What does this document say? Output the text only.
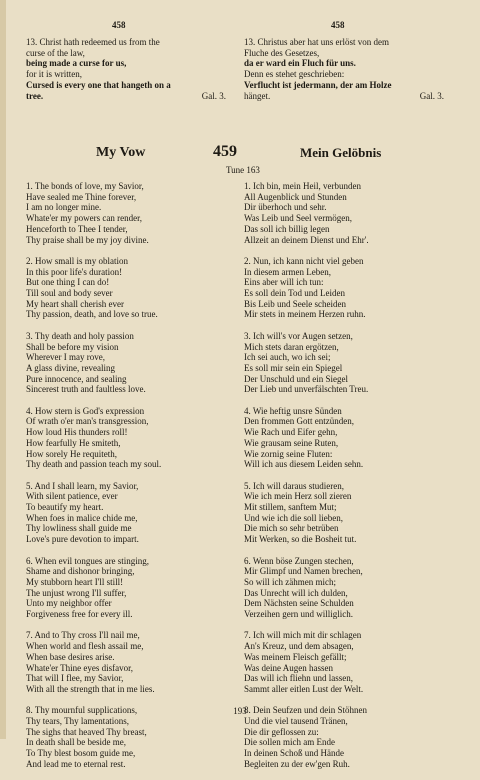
458	458
13. Christ hath redeemed us from the
curse of the law,
being made a curse for us,
for it is written,
Cursed is every one that hangeth on a
tree.	Gal. 3.
13. Christus aber hat uns erlöst von dem
Fluche des Gesetzes,
da er ward ein Fluch für uns.
Denn es stehet geschrieben:
Verflucht ist jedermann, der am Holze
hänget.	Gal. 3.
My Vow	459	Mein Gelöbnis
Tune 163
1. The bonds of love, my Savior,
Have sealed me Thine forever,
I am no longer mine.
Whate'er my powers can render,
Henceforth to Thee I tender,
Thy praise shall be my joy divine.
2. How small is my oblation
In this poor life's duration!
But one thing I can do!
Till soul and body sever
My heart shall cherish ever
Thy passion, death, and love so true.
3. Thy death and holy passion
Shall be before my vision
Wherever I may rove,
A glass divine, revealing
Pure innocence, and sealing
Sincerest truth and faultless love.
4. How stern is God's expression
Of wrath o'er man's transgression,
How loud His thunders roll!
How fearfully He smiteth,
How sorely He requiteth,
Thy death and passion teach my soul.
5. And I shall learn, my Savior,
With silent patience, ever
To beautify my heart.
When foes in malice chide me,
Thy lowliness shall guide me
Love's pure devotion to impart.
6. When evil tongues are stinging,
Shame and dishonor bringing,
My stubborn heart I'll still!
The unjust wrong I'll suffer,
Unto my neighbor offer
Forgiveness free for every ill.
7. And to Thy cross I'll nail me,
When world and flesh assail me,
When base desires arise.
Whate'er Thine eyes disfavor,
That will I flee, my Savior,
With all the strength that in me lies.
8. Thy mournful supplications,
Thy tears, Thy lamentations,
The sighs that heaved Thy breast,
In death shall be beside me,
To Thy blest bosom guide me,
And lead me to eternal rest.
1. Ich bin, mein Heil, verbunden
All Augenblick und Stunden
Dir überhoch und sehr.
Was Leib und Seel vermögen,
Das soll ich billig legen
Allzeit an deinem Dienst und Ehr'.
2. Nun, ich kann nicht viel geben
In diesem armen Leben,
Eins aber will ich tun:
Es soll dein Tod und Leiden
Bis Leib und Seele scheiden
Mir stets in meinem Herzen ruhn.
3. Ich will's vor Augen setzen,
Mich stets daran ergötzen,
Ich sei auch, wo ich sei;
Es soll mir sein ein Spiegel
Der Unschuld und ein Siegel
Der Lieb und unverfälschten Treu.
4. Wie heftig unsre Sünden
Den frommen Gott entzünden,
Wie Rach und Eifer gehn,
Wie grausam seine Ruten,
Wie zornig seine Fluten:
Will ich aus diesem Leiden sehn.
5. Ich will daraus studieren,
Wie ich mein Herz soll zieren
Mit stillem, sanftem Mut;
Und wie ich die soll lieben,
Die mich so sehr betrüben
Mit Werken, so die Bosheit tut.
6. Wenn böse Zungen stechen,
Mir Glimpf und Namen brechen,
So will ich zähmen mich;
Das Unrecht will ich dulden,
Dem Nächsten seine Schulden
Verzeihen gern und williglich.
7. Ich will mich mit dir schlagen
An's Kreuz, und dem absagen,
Was meinem Fleisch gefällt;
Was deine Augen hassen
Das will ich fliehn und lassen,
Sammt aller eitlen Lust der Welt.
8. Dein Seufzen und dein Stöhnen
Und die viel tausend Tränen,
Die dir geflossen zu:
Die sollen mich am Ende
In deinen Schoß und Hände
Begleiten zu der ew'gen Ruh.
193
